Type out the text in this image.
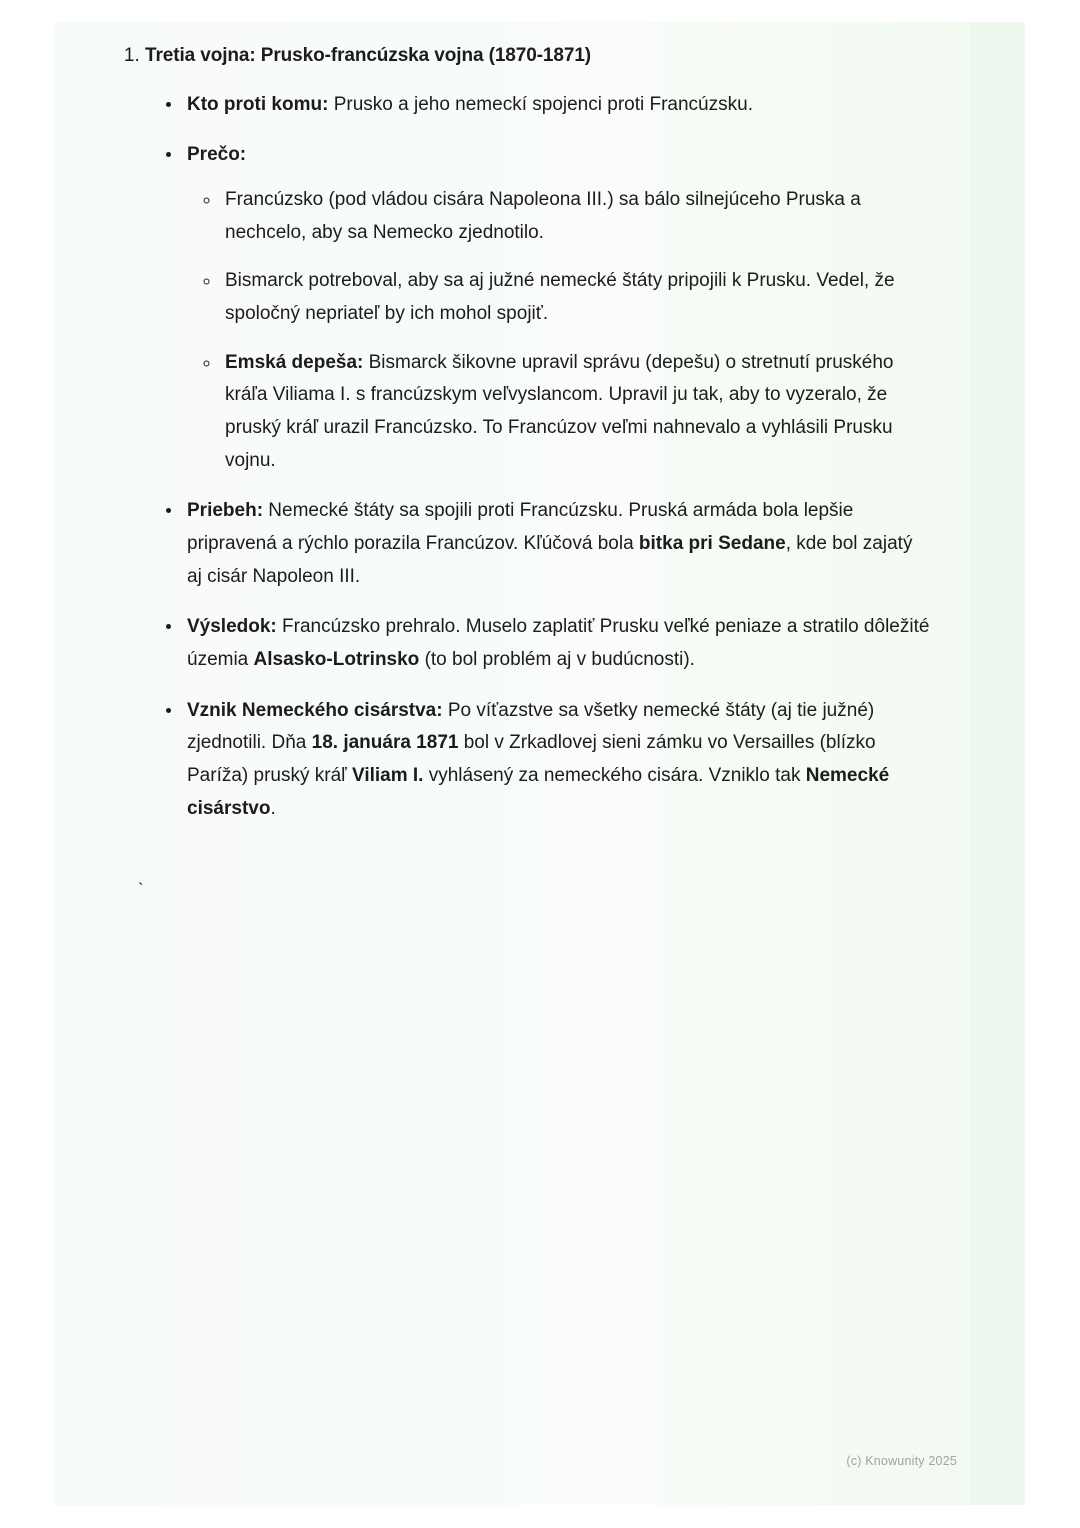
1. Tretia vojna: Prusko-francúzska vojna (1870-1871)
• Kto proti komu: Prusko a jeho nemeckí spojenci proti Francúzsku.
• Prečo:
◦ Francúzsko (pod vládou cisára Napoleona III.) sa bálo silnejúceho Pruska a nechcelo, aby sa Nemecko zjednotilo.
◦ Bismarck potreboval, aby sa aj južné nemecké štáty pripojili k Prusku. Vedel, že spoločný nepriateľ by ich mohol spojiť.
◦ Emská depeša: Bismarck šikovne upravil správu (depešu) o stretnutí pruského kráľa Viliama I. s francúzskym veľvyslancom. Upravil ju tak, aby to vyzeralo, že pruský kráľ urazil Francúzsko. To Francúzov veľmi nahnevalo a vyhlásili Prusku vojnu.
• Priebeh: Nemecké štáty sa spojili proti Francúzsku. Pruská armáda bola lepšie pripravená a rýchlo porazila Francúzov. Kľúčová bola bitka pri Sedane, kde bol zajatý aj cisár Napoleon III.
• Výsledok: Francúzsko prehralo. Muselo zaplatiť Prusku veľké peniaze a stratilo dôležité územia Alsasko-Lotrinsko (to bol problém aj v budúcnosti).
• Vznik Nemeckého cisárstva: Po víťazstve sa všetky nemecké štáty (aj tie južné) zjednotili. Dňa 18. januára 1871 bol v Zrkadlovej sieni zámku vo Versailles (blízko Paríža) pruský kráľ Viliam I. vyhlásený za nemeckého cisára. Vzniklo tak Nemecké cisárstvo.
`
(c) Knowunity 2025
